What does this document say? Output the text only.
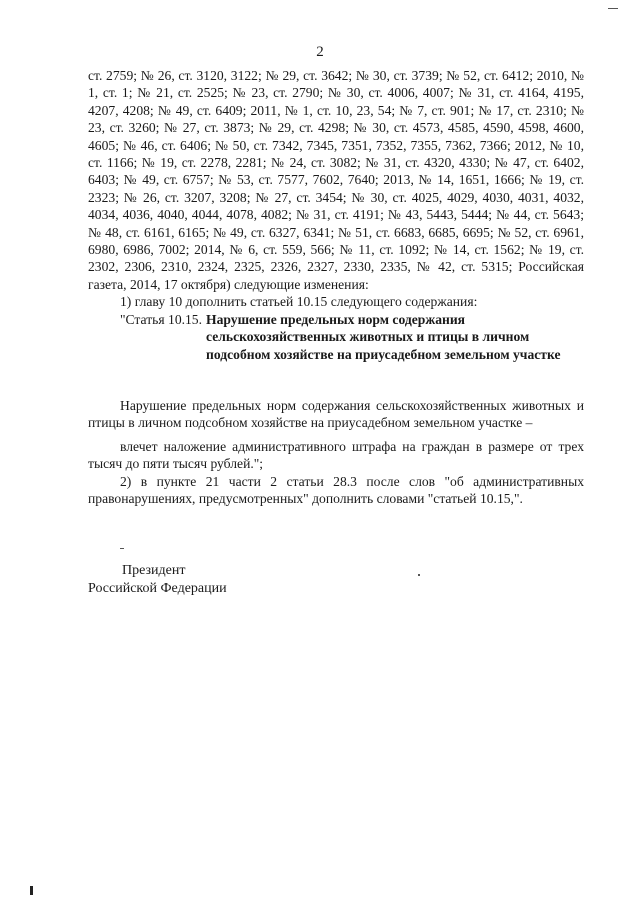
2

ст. 2759; № 26, ст. 3120, 3122; № 29, ст. 3642; № 30, ст. 3739; № 52, ст. 6412; 2010, № 1, ст. 1; № 21, ст. 2525; № 23, ст. 2790; № 30, ст. 4006, 4007; № 31, ст. 4164, 4195, 4207, 4208; № 49, ст. 6409; 2011, № 1, ст. 10, 23, 54; № 7, ст. 901; № 17, ст. 2310; № 23, ст. 3260; № 27, ст. 3873; № 29, ст. 4298; № 30, ст. 4573, 4585, 4590, 4598, 4600, 4605; № 46, ст. 6406; № 50, ст. 7342, 7345, 7351, 7352, 7355, 7362, 7366; 2012, № 10, ст. 1166; № 19, ст. 2278, 2281; № 24, ст. 3082; № 31, ст. 4320, 4330; № 47, ст. 6402, 6403; № 49, ст. 6757; № 53, ст. 7577, 7602, 7640; 2013, № 14, 1651, 1666; № 19, ст. 2323; № 26, ст. 3207, 3208; № 27, ст. 3454; № 30, ст. 4025, 4029, 4030, 4031, 4032, 4034, 4036, 4040, 4044, 4078, 4082; № 31, ст. 4191; № 43, 5443, 5444; № 44, ст. 5643; № 48, ст. 6161, 6165; № 49, ст. 6327, 6341; № 51, ст. 6683, 6685, 6695; № 52, ст. 6961, 6980, 6986, 7002; 2014, № 6, ст. 559, 566; № 11, ст. 1092; № 14, ст. 1562; № 19, ст. 2302, 2306, 2310, 2324, 2325, 2326, 2327, 2330, 2335, № 42, ст. 5315; Российская газета, 2014, 17 октября) следующие изменения:

1) главу 10 дополнить статьей 10.15 следующего содержания:

"Статья 10.15. Нарушение предельных норм содержания сельскохозяйственных животных и птицы в личном подсобном хозяйстве на приусадебном земельном участке

Нарушение предельных норм содержания сельскохозяйственных животных и птицы в личном подсобном хозяйстве на приусадебном земельном участке –

влечет наложение административного штрафа на граждан в размере от трех тысяч до пяти тысяч рублей.";

2) в пункте 21 части 2 статьи 28.3 после слов "об административных правонарушениях, предусмотренных" дополнить словами "статьей 10.15,".

Президент
Российской Федерации
